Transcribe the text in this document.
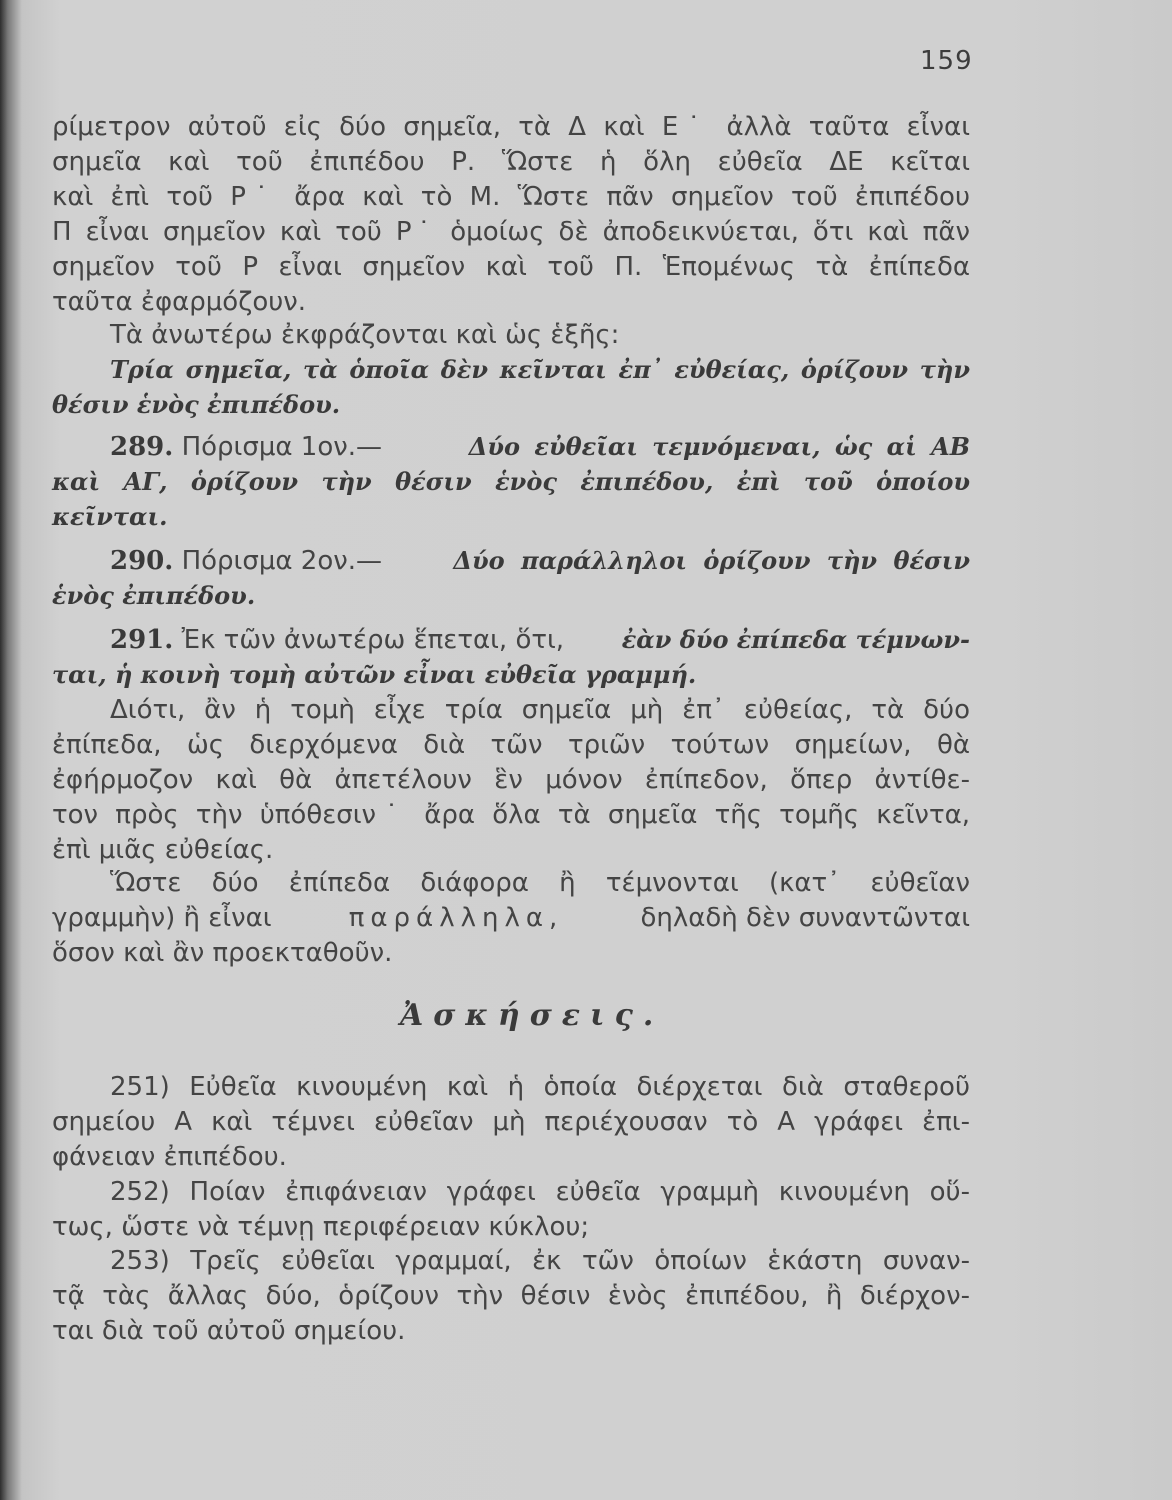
159
ρίμετρον αὐτοῦ εἰς δύο σημεῖα, τὰ Δ καὶ Ε˙ ἀλλὰ ταῦτα εἶναι
σημεῖα καὶ τοῦ ἐπιπέδου Ρ. Ὥστε ἡ ὅλη εὐθεῖα ΔΕ κεῖται
καὶ ἐπὶ τοῦ Ρ˙ ἄρα καὶ τὸ Μ. Ὥστε πᾶν σημεῖον τοῦ ἐπιπέδου
Π εἶναι σημεῖον καὶ τοῦ Ρ˙ ὁμοίως δὲ ἀποδεικνύεται, ὅτι καὶ πᾶν
σημεῖον τοῦ Ρ εἶναι σημεῖον καὶ τοῦ Π. Ἑπομένως τὰ ἐπίπεδα
ταῦτα ἐφαρμόζουν.
Τὰ ἀνωτέρω ἐκφράζονται καὶ ὡς ἑξῆς:
Τρία σημεῖα, τὰ ὁποῖα δὲν κεῖνται ἐπ᾽ εὐθείας, ὁρίζουν τὴν
θέσιν ἑνὸς ἐπιπέδου.
289. Πόρισμα 1ον.—	Δύο εὐθεῖαι τεμνόμεναι, ὡς αἱ ΑΒ
καὶ ΑΓ, ὁρίζουν τὴν θέσιν ἑνὸς ἐπιπέδου, ἐπὶ τοῦ ὁποίου
κεῖνται.
290. Πόρισμα 2ον.—	Δύο παράλληλοι ὁρίζουν τὴν θέσιν
ἑνὸς ἐπιπέδου.
291. Ἐκ τῶν ἀνωτέρω ἕπεται, ὅτι, ἐὰν δύο ἐπίπεδα τέμνων-
ται, ἡ κοινὴ τομὴ αὐτῶν εἶναι εὐθεῖα γραμμή.
Διότι, ἂν ἡ τομὴ εἶχε τρία σημεῖα μὴ ἐπ᾽ εὐθείας, τὰ δύο
ἐπίπεδα, ὡς διερχόμενα διὰ τῶν τριῶν τούτων σημείων, θὰ
ἐφήρμοζον καὶ θὰ ἀπετέλουν ἓν μόνον ἐπίπεδον, ὅπερ ἀντίθε-
τον πρὸς τὴν ὑπόθεσιν˙ ἄρα ὅλα τὰ σημεῖα τῆς τομῆς κεῖντα,
ἐπὶ μιᾶς εὐθείας.
Ὥστε δύο ἐπίπεδα διάφορα ἢ τέμνονται (κατ᾽ εὐθεῖαν
γραμμὴν) ἢ εἶναι	παράλληλα,	δηλαδὴ δὲν συναντῶνται
ὅσον καὶ ἂν προεκταθοῦν.
251) Εὐθεῖα κινουμένη καὶ ἡ ὁποία διέρχεται διὰ σταθεροῦ
σημείου Α καὶ τέμνει εὐθεῖαν μὴ περιέχουσαν τὸ Α γράφει ἐπι-
φάνειαν ἐπιπέδου.
252) Ποίαν ἐπιφάνειαν γράφει εὐθεῖα γραμμὴ κινουμένη οὕ-
τως, ὥστε νὰ τέμνῃ περιφέρειαν κύκλου;
253) Τρεῖς εὐθεῖαι γραμμαί, ἐκ τῶν ὁποίων ἑκάστη συναν-
τᾷ τὰς ἄλλας δύο, ὁρίζουν τὴν θέσιν ἑνὸς ἐπιπέδου, ἢ διέρχον-
ται διὰ τοῦ αὐτοῦ σημείου.
Ἀσκήσεις.
